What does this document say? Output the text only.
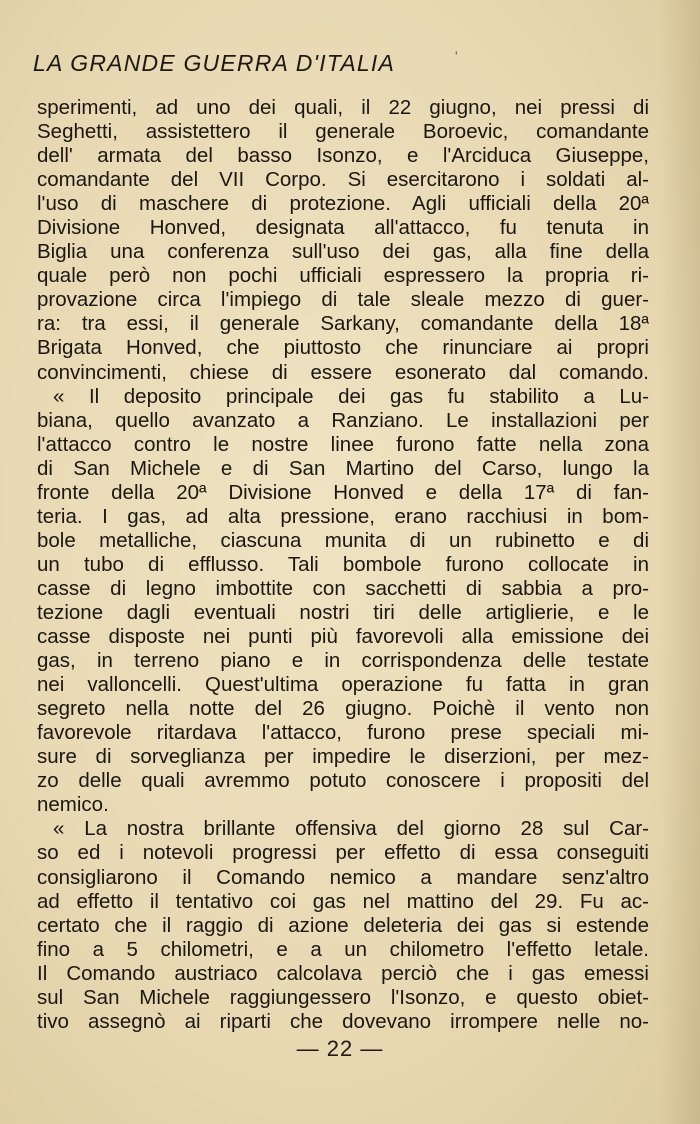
LA GRANDE GUERRA D'ITALIA	'
sperimenti, ad uno dei quali, il 22 giugno, nei pressi di
Seghetti, assistettero il generale Boroevic, comandante
dell' armata del basso Isonzo, e l'Arciduca Giuseppe,
comandante del VII Corpo. Si esercitarono i soldati al-
l'uso di maschere di protezione. Agli ufficiali della 20ª
Divisione Honved, designata all'attacco, fu tenuta in
Biglia una conferenza sull'uso dei gas, alla fine della
quale però non pochi ufficiali espressero la propria ri-
provazione circa l'impiego di tale sleale mezzo di guer-
ra: tra essi, il generale Sarkany, comandante della 18ª
Brigata Honved, che piuttosto che rinunciare ai propri
convincimenti, chiese di essere esonerato dal comando.
« Il deposito principale dei gas fu stabilito a Lu-
biana, quello avanzato a Ranziano. Le installazioni per
l'attacco contro le nostre linee furono fatte nella zona
di San Michele e di San Martino del Carso, lungo la
fronte della 20ª Divisione Honved e della 17ª di fan-
teria. I gas, ad alta pressione, erano racchiusi in bom-
bole metalliche, ciascuna munita di un rubinetto e di
un tubo di efflusso. Tali bombole furono collocate in
casse di legno imbottite con sacchetti di sabbia a pro-
tezione dagli eventuali nostri tiri delle artiglierie, e le
casse disposte nei punti più favorevoli alla emissione dei
gas, in terreno piano e in corrispondenza delle testate
nei valloncelli. Quest'ultima operazione fu fatta in gran
segreto nella notte del 26 giugno. Poichè il vento non
favorevole ritardava l'attacco, furono prese speciali mi-
sure di sorveglianza per impedire le diserzioni, per mez-
zo delle quali avremmo potuto conoscere i propositi del
nemico.
« La nostra brillante offensiva del giorno 28 sul Car-
so ed i notevoli progressi per effetto di essa conseguiti
consigliarono il Comando nemico a mandare senz'altro
ad effetto il tentativo coi gas nel mattino del 29. Fu ac-
certato che il raggio di azione deleteria dei gas si estende
fino a 5 chilometri, e a un chilometro l'effetto letale.
Il Comando austriaco calcolava perciò che i gas emessi
sul San Michele raggiungessero l'Isonzo, e questo obiet-
tivo assegnò ai riparti che dovevano irrompere nelle no-
— 22 —
